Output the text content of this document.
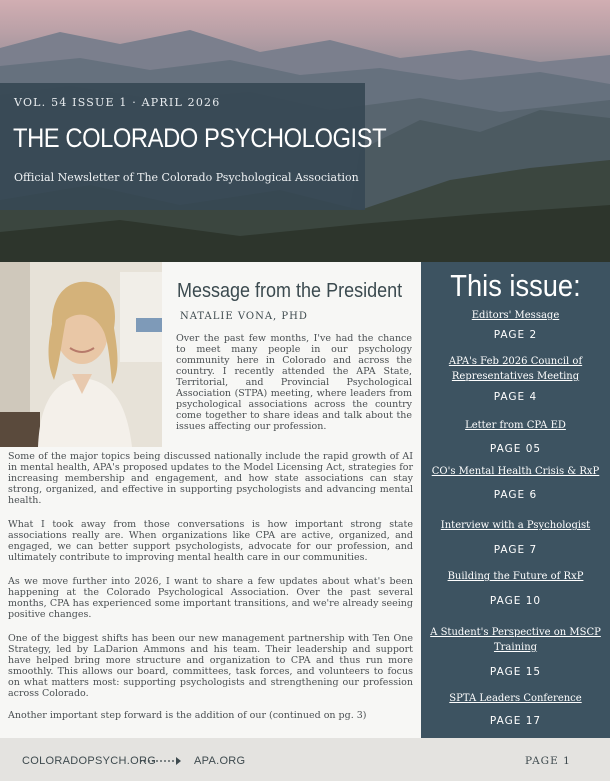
VOL. 54 ISSUE 1 · APRIL 2026
THE COLORADO PSYCHOLOGIST
Official Newsletter of The Colorado Psychological Association
Message from the President
NATALIE VONA, PHD

Over the past few months, I've had the chance to meet many people in our psychology community here in Colorado and across the country. I recently attended the APA State, Territorial, and Provincial Psychological Association (STPA) meeting, where leaders from psychological associations across the country come together to share ideas and talk about the issues affecting our profession.

Some of the major topics being discussed nationally include the rapid growth of AI in mental health, APA's proposed updates to the Model Licensing Act, strategies for increasing membership and engagement, and how state associations can stay strong, organized, and effective in supporting psychologists and advancing mental health.

What I took away from those conversations is how important strong state associations really are. When organizations like CPA are active, organized, and engaged, we can better support psychologists, advocate for our profession, and ultimately contribute to improving mental health care in our communities.

As we move further into 2026, I want to share a few updates about what's been happening at the Colorado Psychological Association. Over the past several months, CPA has experienced some important transitions, and we're already seeing positive changes.

One of the biggest shifts has been our new management partnership with Ten One Strategy, led by LaDarion Ammons and his team. Their leadership and support have helped bring more structure and organization to CPA and thus run more smoothly. This allows our board, committees, task forces, and volunteers to focus on what matters most: supporting psychologists and strengthening our profession across Colorado.

Another important step forward is the addition of our (continued on pg. 3)

This issue:
Editors' Message
PAGE 2
APA's Feb 2026 Council of Representatives Meeting
PAGE 4
Letter from CPA ED
PAGE 05
CO's Mental Health Crisis & RxP
PAGE 6
Interview with a Psychologist
PAGE 7
Building the Future of RxP
PAGE 10
A Student's Perspective on MSCP Training
PAGE 15
SPTA Leaders Conference
PAGE 17
COLORADOPSYCH.ORG	APA.ORG	PAGE 1
